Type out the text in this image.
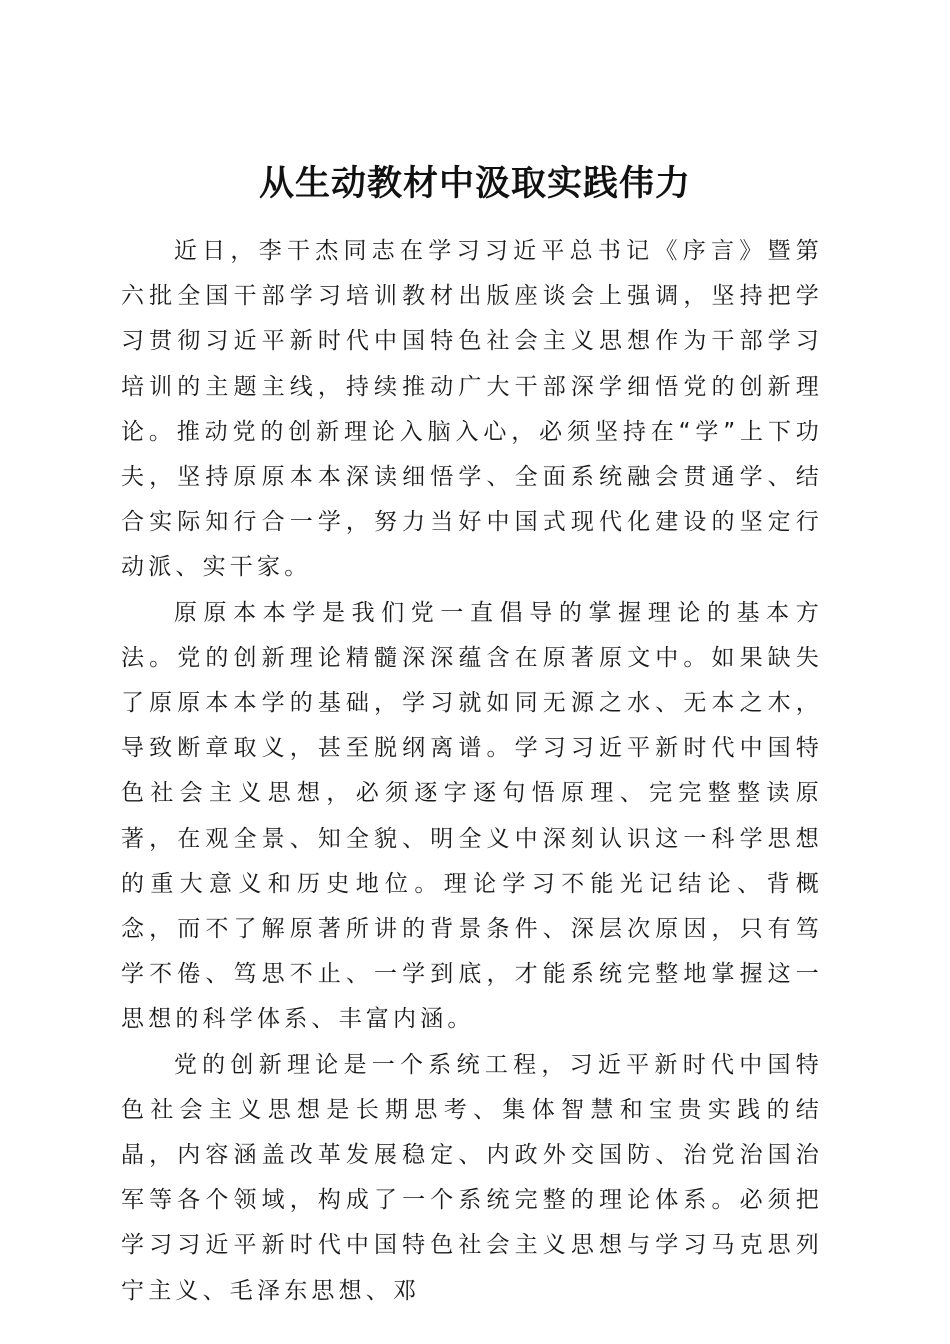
从生动教材中汲取实践伟力

近日，李干杰同志在学习习近平总书记《序言》暨第六批全国干部学习培训教材出版座谈会上强调，坚持把学习贯彻习近平新时代中国特色社会主义思想作为干部学习培训的主题主线，持续推动广大干部深学细悟党的创新理论。推动党的创新理论入脑入心，必须坚持在“学”上下功夫，坚持原原本本深读细悟学、全面系统融会贯通学、结合实际知行合一学，努力当好中国式现代化建设的坚定行动派、实干家。

原原本本学是我们党一直倡导的掌握理论的基本方法。党的创新理论精髓深深蕴含在原著原文中。如果缺失了原原本本学的基础，学习就如同无源之水、无本之木，导致断章取义，甚至脱纲离谱。学习习近平新时代中国特色社会主义思想，必须逐字逐句悟原理、完完整整读原著，在观全景、知全貌、明全义中深刻认识这一科学思想的重大意义和历史地位。理论学习不能光记结论、背概念，而不了解原著所讲的背景条件、深层次原因，只有笃学不倦、笃思不止、一学到底，才能系统完整地掌握这一思想的科学体系、丰富内涵。

党的创新理论是一个系统工程，习近平新时代中国特色社会主义思想是长期思考、集体智慧和宝贵实践的结晶，内容涵盖改革发展稳定、内政外交国防、治党治国治军等各个领域，构成了一个系统完整的理论体系。必须把学习习近平新时代中国特色社会主义思想与学习马克思列宁主义、毛泽东思想、邓
